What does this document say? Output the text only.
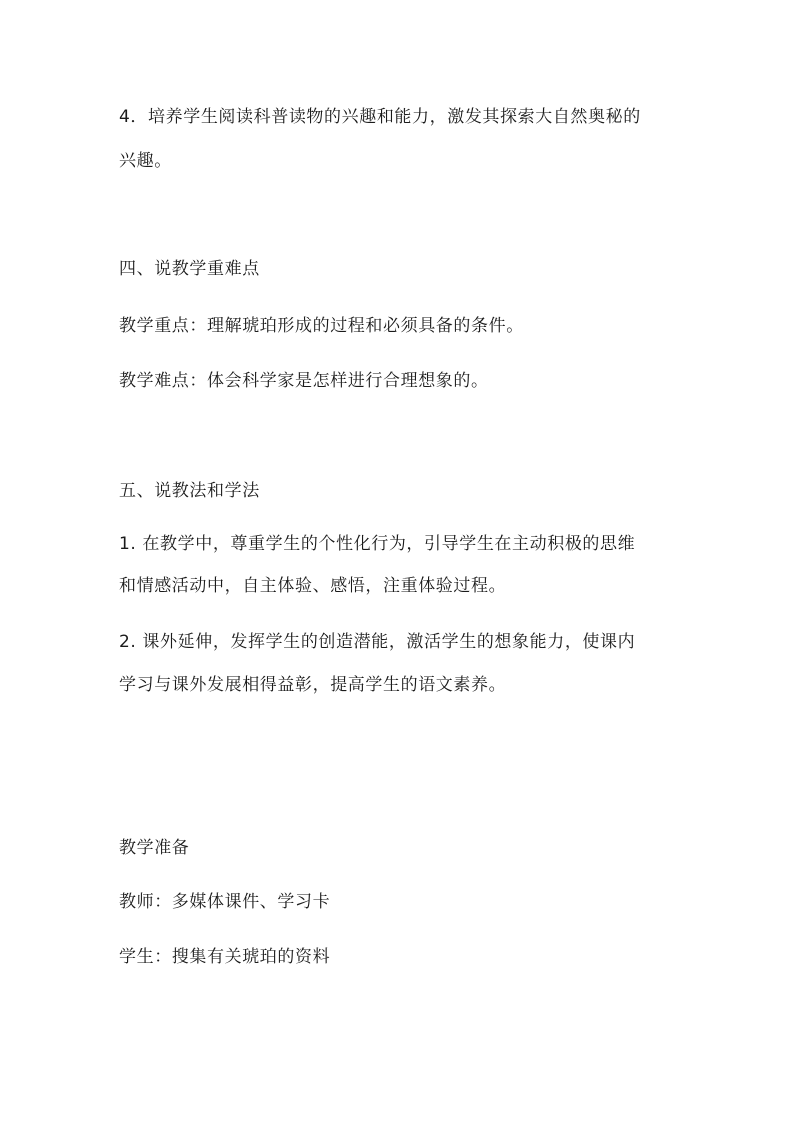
4．培养学生阅读科普读物的兴趣和能力，激发其探索大自然奥秘的
兴趣。
四、说教学重难点
教学重点：理解琥珀形成的过程和必须具备的条件。
教学难点：体会科学家是怎样进行合理想象的。
五、说教法和学法
1. 在教学中，尊重学生的个性化行为，引导学生在主动积极的思维
和情感活动中，自主体验、感悟，注重体验过程。
2. 课外延伸，发挥学生的创造潜能，激活学生的想象能力，使课内
学习与课外发展相得益彰，提高学生的语文素养。
教学准备
教师：多媒体课件、学习卡
学生：搜集有关琥珀的资料
